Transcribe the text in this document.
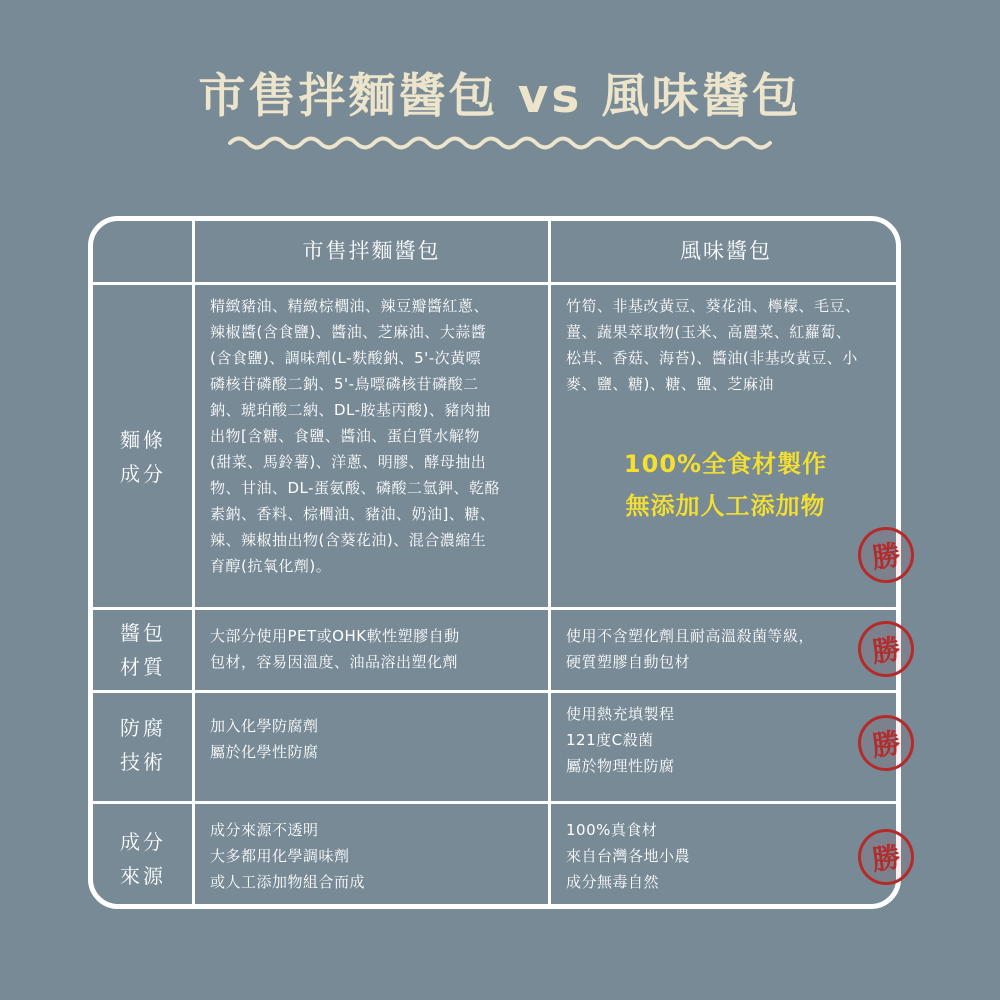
市售拌麵醬包 vs 風味醬包
市售拌麵醬包	風味醬包
麵條
成分
精緻豬油、精緻棕櫚油、辣豆瓣醬紅蔥、
辣椒醬(含食鹽)、醬油、芝麻油、大蒜醬
(含食鹽)、調味劑(L-麩酸鈉、5'-次黃嘌
磷核苷磷酸二鈉、5'-鳥嘌磷核苷磷酸二
鈉、琥珀酸二納、DL-胺基丙酸)、豬肉抽
出物[含糖、食鹽、醬油、蛋白質水解物
(甜菜、馬鈴薯)、洋蔥、明膠、酵母抽出
物、甘油、DL-蛋氨酸、磷酸二氫鉀、乾酪
素鈉、香料、棕櫚油、豬油、奶油]、糖、
辣、辣椒抽出物(含葵花油)、混合濃縮生
育醇(抗氧化劑)。
竹筍、非基改黃豆、葵花油、檸檬、毛豆、
薑、蔬果萃取物(玉米、高麗菜、紅蘿蔔、
松茸、香菇、海苔)、醬油(非基改黃豆、小
麥、鹽、糖)、糖、鹽、芝麻油
100%全食材製作
無添加人工添加物
醬包
材質
大部分使用PET或OHK軟性塑膠自動
包材，容易因溫度、油品溶出塑化劑
使用不含塑化劑且耐高溫殺菌等級，
硬質塑膠自動包材
防腐
技術
加入化學防腐劑
屬於化學性防腐
使用熱充填製程
121度C殺菌
屬於物理性防腐
成分
來源
成分來源不透明
大多都用化學調味劑
或人工添加物組合而成
100%真食材
來自台灣各地小農
成分無毒自然
勝
勝
勝
勝
